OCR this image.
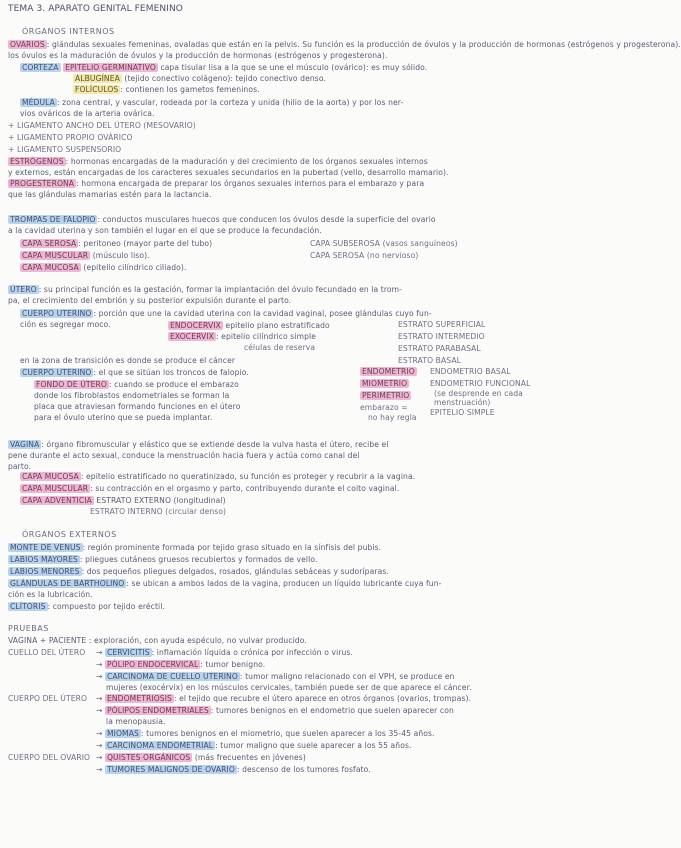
TEMA 3. APARATO GENITAL FEMENINO
ÓRGANOS INTERNOS
OVARIOS : glándulas sexuales femeninas, ovaladas que están en la pelvis. Su función es la producción de óvulos y la producción de hormonas (estrógenos y progesterona).
los óvulos es la maduración de óvulos y la producción de hormonas (estrógenos y progesterona).
CORTEZA EPITELIO GERMINATIVO capa tisular lisa a la que se une el músculo (ovárico): es muy sólido.
ALBUGÍNEA (tejido conectivo colágeno): tejido conectivo denso.
FOLÍCULOS : contienen los gametos femeninos.
MÉDULA : zona central, y vascular, rodeada por la corteza y unida (hilio de la aorta) y por los ner-
vios ováricos de la arteria ovárica.
+ LIGAMENTO ANCHO DEL ÚTERO (MESOVARIO)
+ LIGAMENTO PROPIO OVÁRICO
+ LIGAMENTO SUSPENSORIO
ESTRÓGENOS : hormonas encargadas de la maduración y del crecimiento de los órganos sexuales internos
y externos, están encargadas de los caracteres sexuales secundarios en la pubertad (vello, desarrollo mamario).
PROGESTERONA : hormona encargada de preparar los órganos sexuales internos para el embarazo y para
que las glándulas mamarias estén para la lactancia.
TROMPAS DE FALOPIO : conductos musculares huecos que conducen los óvulos desde la superficie del ovario
a la cavidad uterina y son también el lugar en el que se produce la fecundación.
CAPA SEROSA : peritoneo (mayor parte del tubo)
CAPA MUSCULAR (músculo liso).
CAPA MUCOSA (epitelio cilíndrico ciliado).
CAPA SUBSEROSA (vasos sanguíneos)
CAPA SEROSA (no nervioso)
ÚTERO : su principal función es la gestación, formar la implantación del óvulo fecundado en la trom-
pa, el crecimiento del embrión y su posterior expulsión durante el parto.
CUERPO UTERINO : porción que une la cavidad uterina con la cavidad vaginal, posee glándulas cuyo fun-
ción es segregar moco.	ENDOCERVIX epitelio plano estratificado
EXOCERVIX : epitelio cilíndrico simple
células de reserva
ESTRATO SUPERFICIAL
ESTRATO INTERMEDIO
ESTRATO PARABASAL
ESTRATO BASAL
en la zona de transición es donde se produce el cáncer
CUERPO UTERINO : el que se sitúan los troncos de falopio.
FONDO DE ÚTERO : cuando se produce el embarazo
donde los fibroblastos endometriales se forman la
placa que atraviesan formando funciones en el útero
para el óvulo uterino que se pueda implantar.
ENDOMETRIO
MIOMETRIO
PERIMETRIO
embarazo =
no hay regla
ENDOMETRIO BASAL
ENDOMETRIO FUNCIONAL
(se desprende en cada
menstruación)
EPITELIO SIMPLE
VAGINA : órgano fibromuscular y elástico que se extiende desde la vulva hasta el útero, recibe el
pene durante el acto sexual, conduce la menstruación hacia fuera y actúa como canal del
parto.
CAPA MUCOSA : epitelio estratificado no queratinizado, su función es proteger y recubrir a la vagina.
CAPA MUSCULAR : su contracción en el orgasmo y parto, contribuyendo durante el coito vaginal.
CAPA ADVENTICIA ESTRATO EXTERNO (longitudinal)
ESTRATO INTERNO (circular denso)
ÓRGANOS EXTERNOS
MONTE DE VENUS : región prominente formada por tejido graso situado en la sínfisis del pubis.
LABIOS MAYORES : pliegues cutáneos gruesos recubiertos y formados de vello.
LABIOS MENORES : dos pequeños pliegues delgados, rosados, glándulas sebáceas y sudoríparas.
GLÁNDULAS DE BARTHOLINO : se ubican a ambos lados de la vagina, producen un líquido lubricante cuya fun-
ción es la lubricación.
CLÍTORIS : compuesto por tejido eréctil.
PRUEBAS
VAGINA + PACIENTE : exploración, con ayuda espéculo, no vulvar producido.
CUELLO DEL ÚTERO → CERVICITIS : inflamación líquida o crónica por infección o virus.
→ PÓLIPO ENDOCERVICAL : tumor benigno.
→ CARCINOMA DE CUELLO UTERINO : tumor maligno relacionado con el VPH, se produce en
mujeres (exocérvix) en los músculos cervicales, también puede ser de que aparece el cáncer.
CUERPO DEL ÚTERO → ENDOMETRIOSIS : el tejido que recubre el útero aparece en otros órganos (ovarios, trompas).
→ PÓLIPOS ENDOMETRIALES : tumores benignos en el endometrio que suelen aparecer con
la menopausia.
→ MIOMAS : tumores benignos en el miometrio, que suelen aparecer a los 35-45 años.
→ CARCINOMA ENDOMETRIAL : tumor maligno que suele aparecer a los 55 años.
CUERPO DEL OVARIO → QUISTES ORGÁNICOS (más frecuentes en jóvenes)
→ TUMORES MALIGNOS DE OVARIO : descenso de los tumores fosfato.
